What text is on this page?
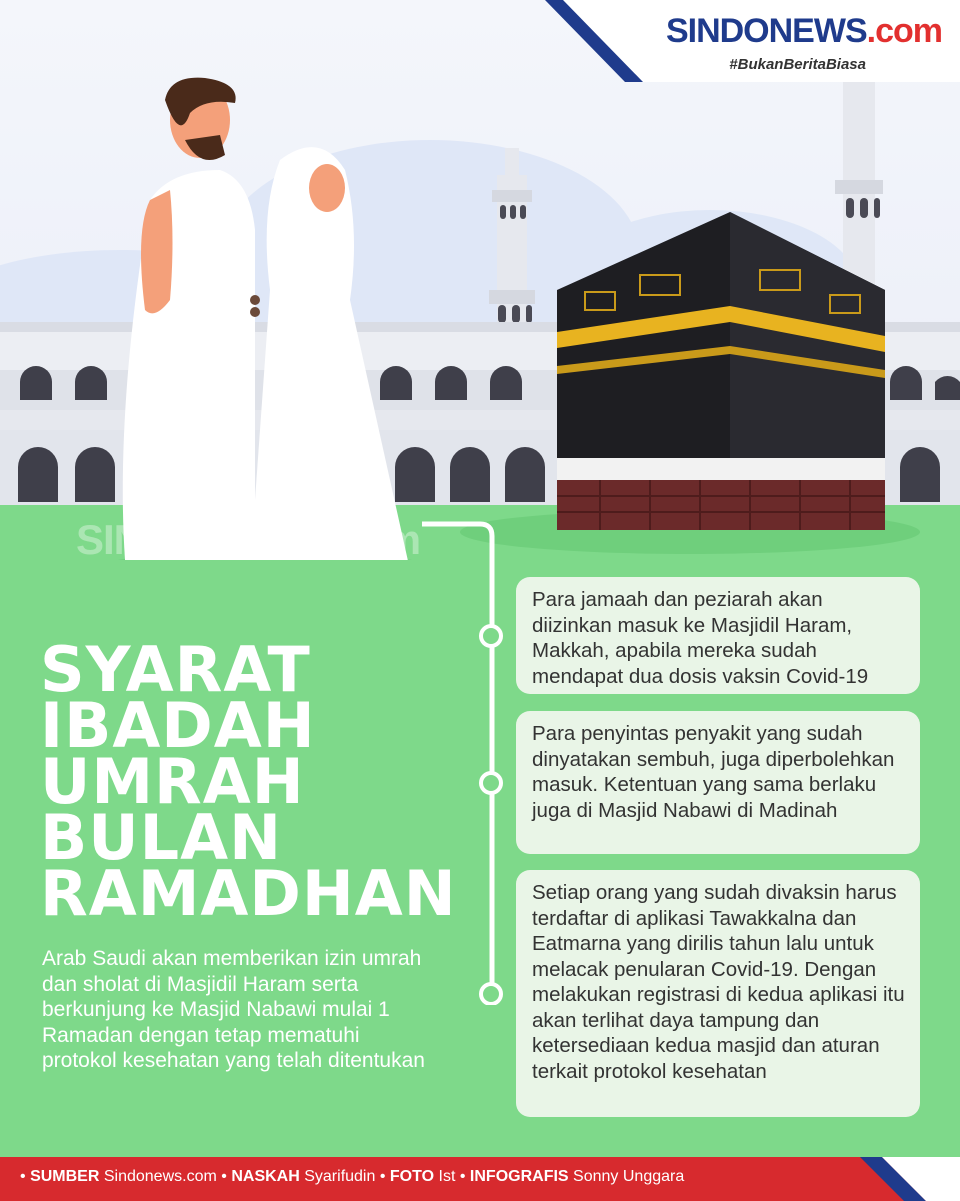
SINDONEWS.com
#BukanBeritaBiasa
SINDONEWS.com
SYARAT
IBADAH
UMRAH
BULAN
RAMADHAN

Arab Saudi akan memberikan izin umrah dan sholat di Masjidil Haram serta berkunjung ke Masjid Nabawi mulai 1 Ramadan dengan tetap mematuhi protokol kesehatan yang telah ditentukan

Para jamaah dan peziarah akan diizinkan masuk ke Masjidil Haram, Makkah, apabila mereka sudah mendapat dua dosis vaksin Covid-19
Para penyintas penyakit yang sudah dinyatakan sembuh, juga diperbolehkan masuk. Ketentuan yang sama berlaku juga di Masjid Nabawi di Madinah
Setiap orang yang sudah divaksin harus terdaftar di aplikasi Tawakkalna dan Eatmarna yang dirilis tahun lalu untuk melacak penularan Covid-19. Dengan melakukan registrasi di kedua aplikasi itu akan terlihat daya tampung dan ketersediaan kedua masjid dan aturan terkait protokol kesehatan
• SUMBER Sindonews.com • NASKAH Syarifudin • FOTO Ist • INFOGRAFIS Sonny Unggara
